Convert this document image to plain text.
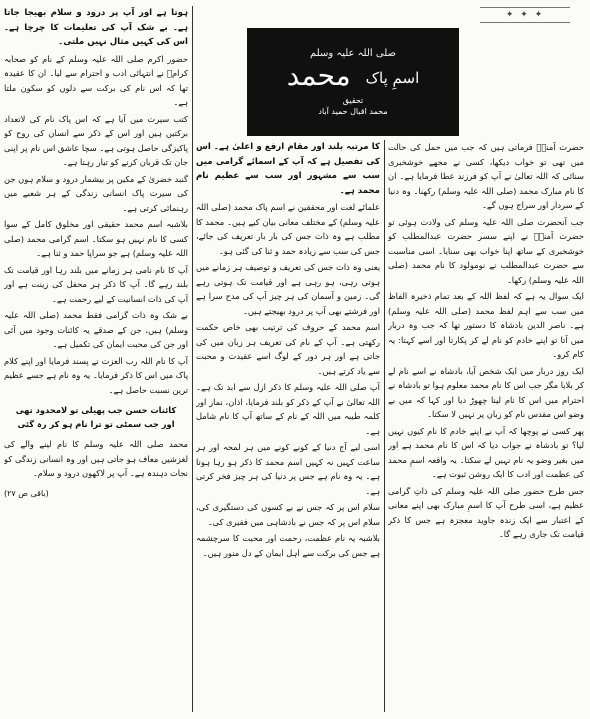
✦ ✦ ✦
صلی اللہ علیہ وسلم
اسمِ پاک محمد
تحقیق
محمد اقبال حمید آباد

حضرت آمنہؓ فرماتی ہیں کہ جب میں حمل کی حالت میں تھی تو خواب دیکھا، کسی نے مجھے خوشخبری سنائی کہ اللہ تعالیٰ نے آپ کو فرزند عطا فرمایا ہے۔ ان کا نام مبارک محمد (صلی اللہ علیہ وسلم) رکھنا۔ وہ دنیا کے سردار اور سراج ہوں گے۔

جب آنحضرت صلی اللہ علیہ وسلم کی ولادت ہوئی تو حضرت آمنہؓ نے اپنے سسر حضرت عبدالمطلب کو خوشخبری کے ساتھ اپنا خواب بھی سنایا۔ اسی مناسبت سے حضرت عبدالمطلب نے نومولود کا نام محمد (صلی اللہ علیہ وسلم) رکھا۔

ایک سوال یہ ہے کہ لفظ اللہ کے بعد تمام ذخیرہ الفاظ میں سب سے اہم لفظ محمد (صلی اللہ علیہ وسلم) ہے۔ ناصر الدین بادشاہ کا دستور تھا کہ جب وہ دربار میں آتا تو اپنے خادم کو نام لے کر پکارتا اور اسے کہتا: یہ کام کرو۔

ایک روز دربار میں ایک شخص آیا، بادشاہ نے اسے نام لے کر بلایا مگر جب اس کا نام محمد معلوم ہوا تو بادشاہ نے احترام میں اس کا نام لینا چھوڑ دیا اور کہا کہ میں بے وضو اس مقدس نام کو زبان پر نہیں لا سکتا۔

پھر کسی نے پوچھا کہ آپ نے اپنے خادم کا نام کیوں نہیں لیا؟ تو بادشاہ نے جواب دیا کہ اس کا نام محمد ہے اور میں بغیر وضو یہ نام نہیں لے سکتا۔ یہ واقعہ اسمِ محمد کی عظمت اور ادب کا ایک روشن ثبوت ہے۔

جس طرح حضور صلی اللہ علیہ وسلم کی ذاتِ گرامی عظیم ہے، اسی طرح آپ کا اسمِ مبارک بھی اپنے معانی کے اعتبار سے ایک زندہ جاوید معجزہ ہے جس کا ذکر قیامت تک جاری رہے گا۔

کا مرتبہ بلند اور مقام ارفع و اعلیٰ ہے۔ اس کی تفصیل ہے کہ آپ کے اسمائے گرامی میں سب سے مشہور اور سب سے عظیم نام محمد ہے۔

علمائے لغت اور محققین نے اسم پاک محمد (صلی اللہ علیہ وسلم) کے مختلف معانی بیان کیے ہیں۔ محمد کا مطلب ہے وہ ذات جس کی بار بار تعریف کی جائے، جس کی سب سے زیادہ حمد و ثنا کی گئی ہو۔

یعنی وہ ذات جس کی تعریف و توصیف ہر زمانے میں ہوتی رہی، ہو رہی ہے اور قیامت تک ہوتی رہے گی۔ زمین و آسمان کی ہر چیز آپ کی مدح سرا ہے اور فرشتے بھی آپ پر درود بھیجتے ہیں۔

اسم محمد کے حروف کی ترتیب بھی خاص حکمت رکھتی ہے۔ آپ کے نام کی تعریف ہر زبان میں کی جاتی ہے اور ہر دور کے لوگ اسے عقیدت و محبت سے یاد کرتے ہیں۔

آپ صلی اللہ علیہ وسلم کا ذکر ازل سے ابد تک ہے۔ اللہ تعالیٰ نے آپ کے ذکر کو بلند فرمایا، اذان، نماز اور کلمہ طیبہ میں اللہ کے نام کے ساتھ آپ کا نام شامل ہے۔

اسی لیے آج دنیا کے کونے کونے میں ہر لمحہ اور ہر ساعت کہیں نہ کہیں اسم محمد کا ذکر ہو رہا ہوتا ہے۔ یہ وہ نام ہے جس پر دنیا کی ہر چیز فخر کرتی ہے۔

سلام اس پر کہ جس نے بے کسوں کی دستگیری کی، سلام اس پر کہ جس نے بادشاہی میں فقیری کی۔

بلاشبہ یہ نام عظمت، رحمت اور محبت کا سرچشمہ ہے جس کی برکت سے اہل ایمان کے دل منور ہیں۔

ہوتا ہے اور آپ پر درود و سلام بھیجا جاتا ہے۔ بے شک آپ کی تعلیمات کا چرچا ہے۔ اس کی کہیں مثال نہیں ملتی۔

حضور اکرم صلی اللہ علیہ وسلم کے نام کو صحابہ کرامؓ نے انتہائی ادب و احترام سے لیا۔ ان کا عقیدہ تھا کہ اس نام کی برکت سے دلوں کو سکون ملتا ہے۔

کتب سیرت میں آیا ہے کہ اس پاک نام کی لاتعداد برکتیں ہیں اور اس کے ذکر سے انسان کی روح کو پاکیزگی حاصل ہوتی ہے۔ سچا عاشق اس نام پر اپنی جان تک قربان کرنے کو تیار رہتا ہے۔

گنبد خضریٰ کے مکین پر بیشمار درود و سلام ہوں جن کی سیرت پاک انسانی زندگی کے ہر شعبے میں رہنمائی کرتی ہے۔

بلاشبہ اسم محمد حقیقی اور مخلوق کامل کے سوا کسی کا نام نہیں ہو سکتا۔ اسم گرامی محمد (صلی اللہ علیہ وسلم) ہے جو سراپا حمد و ثنا ہے۔

آپ کا نام نامی ہر زمانے میں بلند رہا اور قیامت تک بلند رہے گا۔ آپ کا ذکر ہر محفل کی زینت ہے اور آپ کی ذات انسانیت کے لیے رحمت ہے۔

بے شک وہ ذات گرامی فقط محمد (صلی اللہ علیہ وسلم) ہیں، جن کے صدقے یہ کائنات وجود میں آئی اور جن کی محبت ایمان کی تکمیل ہے۔

آپ کا نام اللہ رب العزت نے پسند فرمایا اور اپنے کلام پاک میں اس کا ذکر فرمایا۔ یہ وہ نام ہے جسے عظیم ترین نسبت حاصل ہے۔

کائنات حسن جب پھیلی تو لامحدود تھی
اور جب سمٹی تو ترا نام ہو کر رہ گئی

محمد صلی اللہ علیہ وسلم کا نام لینے والے کی لغزشیں معاف ہو جاتی ہیں اور وہ انسانی زندگی کو نجات دہندہ ہے۔ آپ پر لاکھوں درود و سلام۔

(باقی ص ۲۷)
